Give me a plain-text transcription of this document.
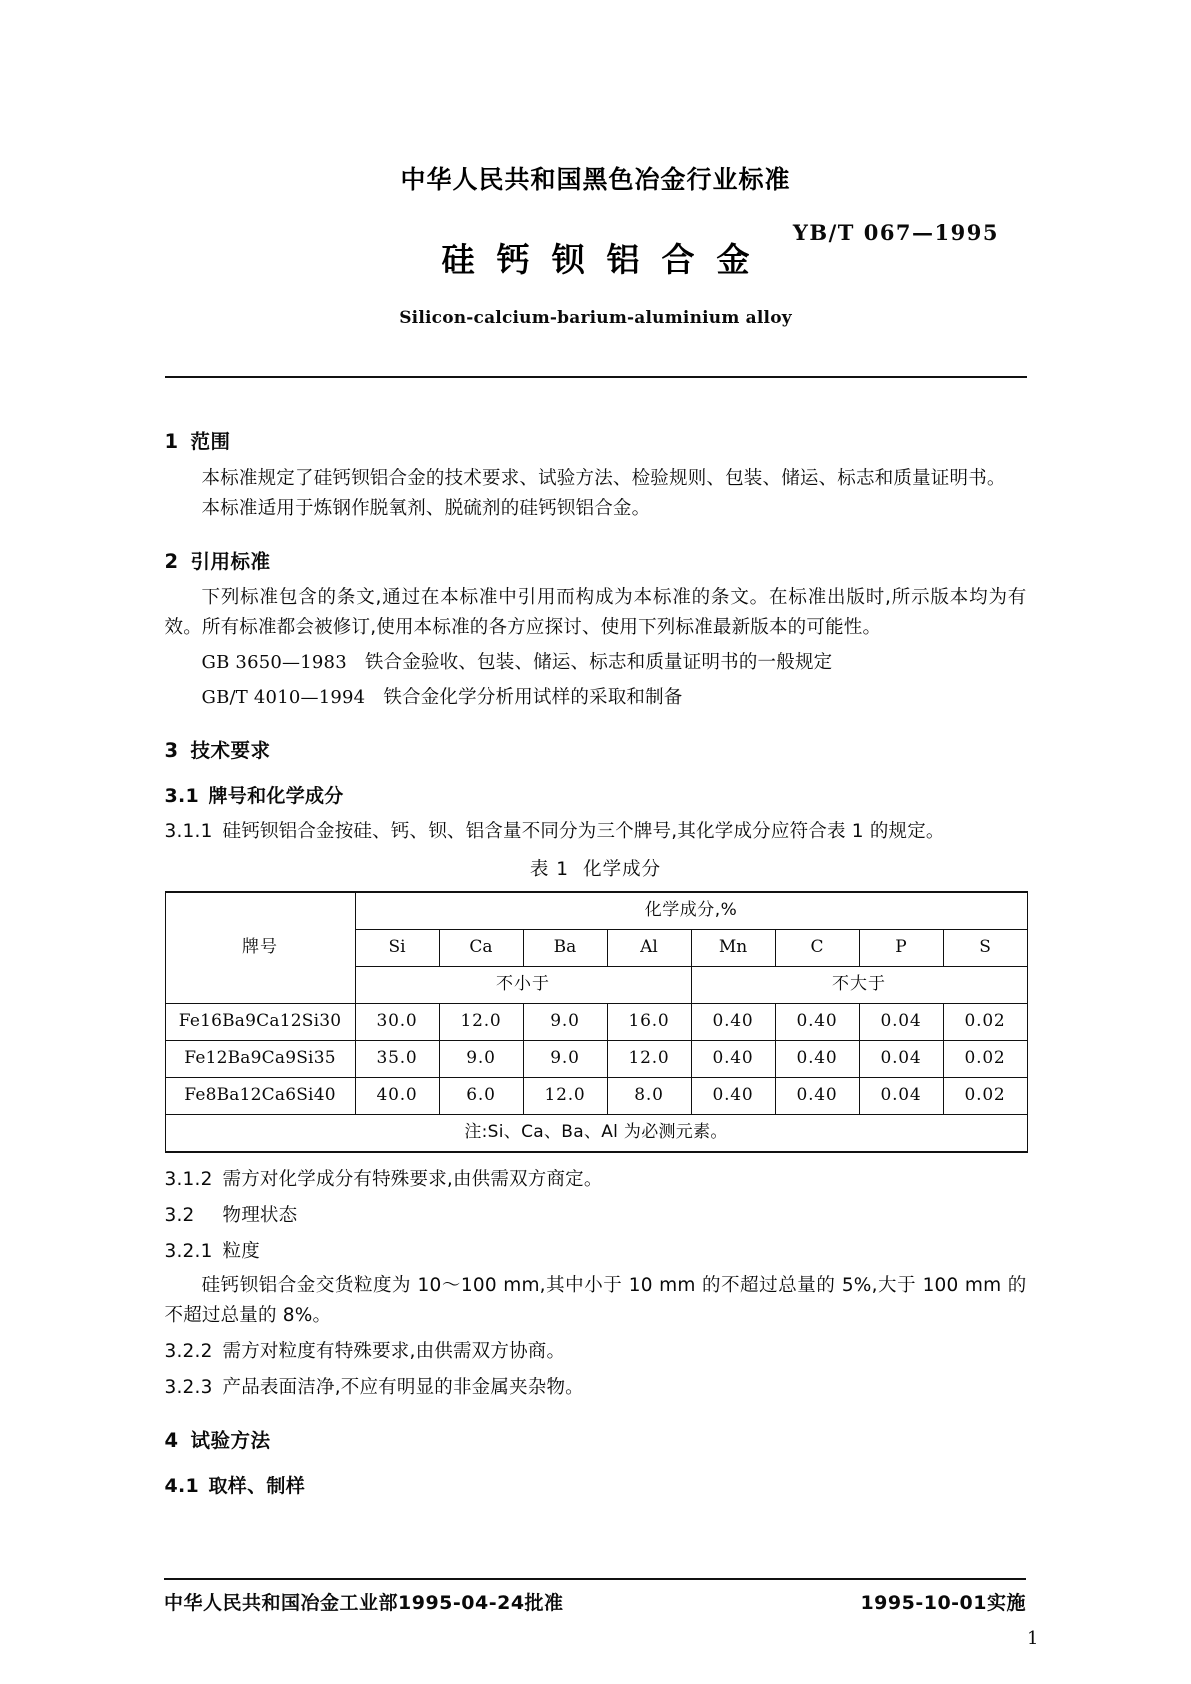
中华人民共和国黑色冶金行业标准
硅钙钡铝合金
YB/T 067—1995
Silicon-calcium-barium-aluminium alloy
1 范围
本标准规定了硅钙钡铝合金的技术要求、试验方法、检验规则、包装、储运、标志和质量证明书。
本标准适用于炼钢作脱氧剂、脱硫剂的硅钙钡铝合金。
2 引用标准
下列标准包含的条文,通过在本标准中引用而构成为本标准的条文。在标准出版时,所示版本均为有效。所有标准都会被修订,使用本标准的各方应探讨、使用下列标准最新版本的可能性。
GB 3650—1983 铁合金验收、包装、储运、标志和质量证明书的一般规定
GB/T 4010—1994 铁合金化学分析用试样的采取和制备
3 技术要求
3.1 牌号和化学成分
3.1.1 硅钙钡铝合金按硅、钙、钡、铝含量不同分为三个牌号,其化学成分应符合表 1 的规定。
表 1 化学成分
牌号	化学成分,%							
	Si	Ca	Ba	Al	Mn	C	P	S
	不小于				不大于			
Fe16Ba9Ca12Si30	30.0	12.0	9.0	16.0	0.40	0.40	0.04	0.02
Fe12Ba9Ca9Si35	35.0	9.0	9.0	12.0	0.40	0.40	0.04	0.02
Fe8Ba12Ca6Si40	40.0	6.0	12.0	8.0	0.40	0.40	0.04	0.02
注:Si、Ca、Ba、Al 为必测元素。								
3.1.2 需方对化学成分有特殊要求,由供需双方商定。
3.2 物理状态
3.2.1 粒度
硅钙钡铝合金交货粒度为 10～100 mm,其中小于 10 mm 的不超过总量的 5%,大于 100 mm 的不超过总量的 8%。
3.2.2 需方对粒度有特殊要求,由供需双方协商。
3.2.3 产品表面洁净,不应有明显的非金属夹杂物。
4 试验方法
4.1 取样、制样
中华人民共和国冶金工业部1995-04-24批准	1995-10-01实施
1
